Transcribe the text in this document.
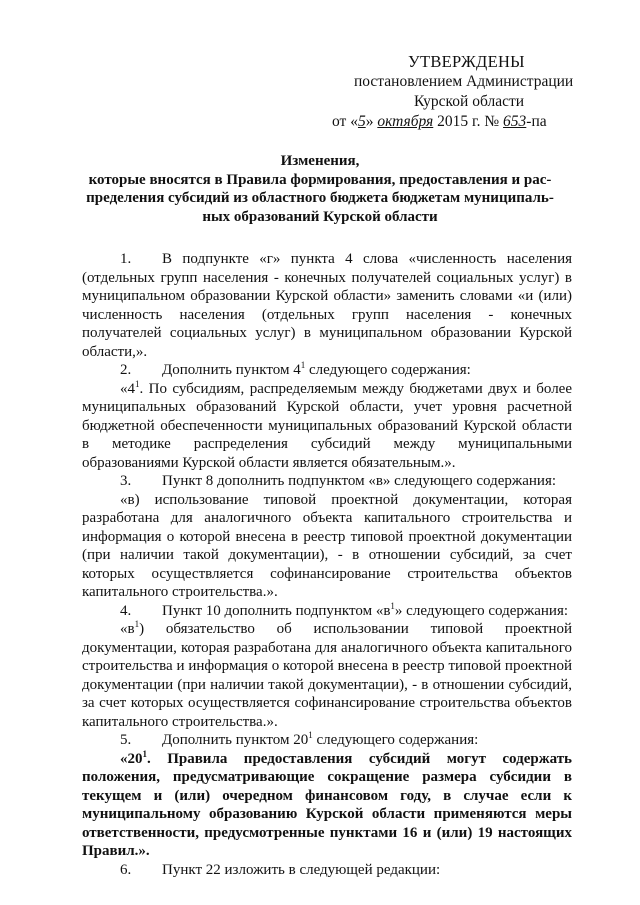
УТВЕРЖДЕНЫ
постановлением Администрации
Курской области
от «5» октября 2015 г. № 653-па
Изменения,
которые вносятся в Правила формирования, предоставления и рас-
пределения субсидий из областного бюджета бюджетам муниципаль-
ных образований Курской области

1. В подпункте «г» пункта 4 слова «численность населения (отдельных групп населения - конечных получателей социальных услуг) в муниципальном образовании Курской области» заменить словами «и (или) численность населения (отдельных групп населения - конечных получателей социальных услуг) в муниципальном образовании Курской области,».

2. Дополнить пунктом $4^1$ следующего содержания:

«$4^1$. По субсидиям, распределяемым между бюджетами двух и более муниципальных образований Курской области, учет уровня расчетной бюджетной обеспеченности муниципальных образований Курской области в методике распределения субсидий между муниципальными образованиями Курской области является обязательным.».

3. Пункт 8 дополнить подпунктом «в» следующего содержания:

«в) использование типовой проектной документации, которая разработана для аналогичного объекта капитального строительства и информация о которой внесена в реестр типовой проектной документации (при наличии такой документации), - в отношении субсидий, за счет которых осуществляется софинансирование строительства объектов капитального строительства.».

4. Пункт 10 дополнить подпунктом «$в^1$» следующего содержания:

«$в^1$) обязательство об использовании типовой проектной документации, которая разработана для аналогичного объекта капитального строительства и информация о которой внесена в реестр типовой проектной документации (при наличии такой документации), - в отношении субсидий, за счет которых осуществляется софинансирование строительства объектов капитального строительства.».

5. Дополнить пунктом $20^1$ следующего содержания:

«$20^1$. Правила предоставления субсидий могут содержать положения, предусматривающие сокращение размера субсидии в текущем и (или) очередном финансовом году, в случае если к муниципальному образованию Курской области применяются меры ответственности, предусмотренные пунктами 16 и (или) 19 настоящих Правил.».

6. Пункт 22 изложить в следующей редакции:
